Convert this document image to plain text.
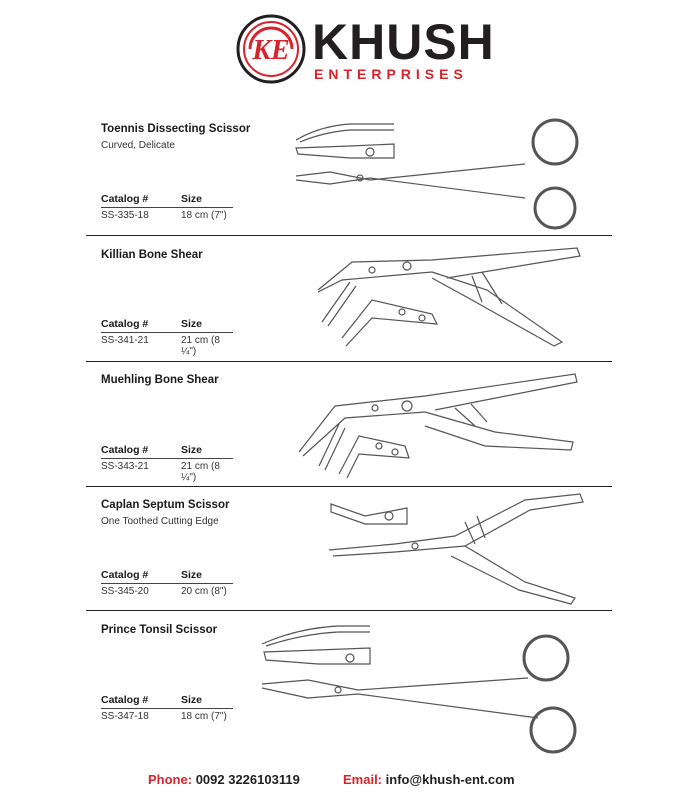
KE KHUSH
ENTERPRISES
Toennis Dissecting Scissor
Curved, Delicate
Catalog #	Size
SS-335-18	18 cm (7")
Killian Bone Shear
Catalog #	Size
SS-341-21	21 cm (8 ¼")
Muehling Bone Shear
Catalog #	Size
SS-343-21	21 cm (8 ¼")
Caplan Septum Scissor
One Toothed Cutting Edge
Catalog #	Size
SS-345-20	20 cm (8")
Prince Tonsil Scissor
Catalog #	Size
SS-347-18	18 cm (7")
Phone: 0092 3226103119	Email: info@khush-ent.com
